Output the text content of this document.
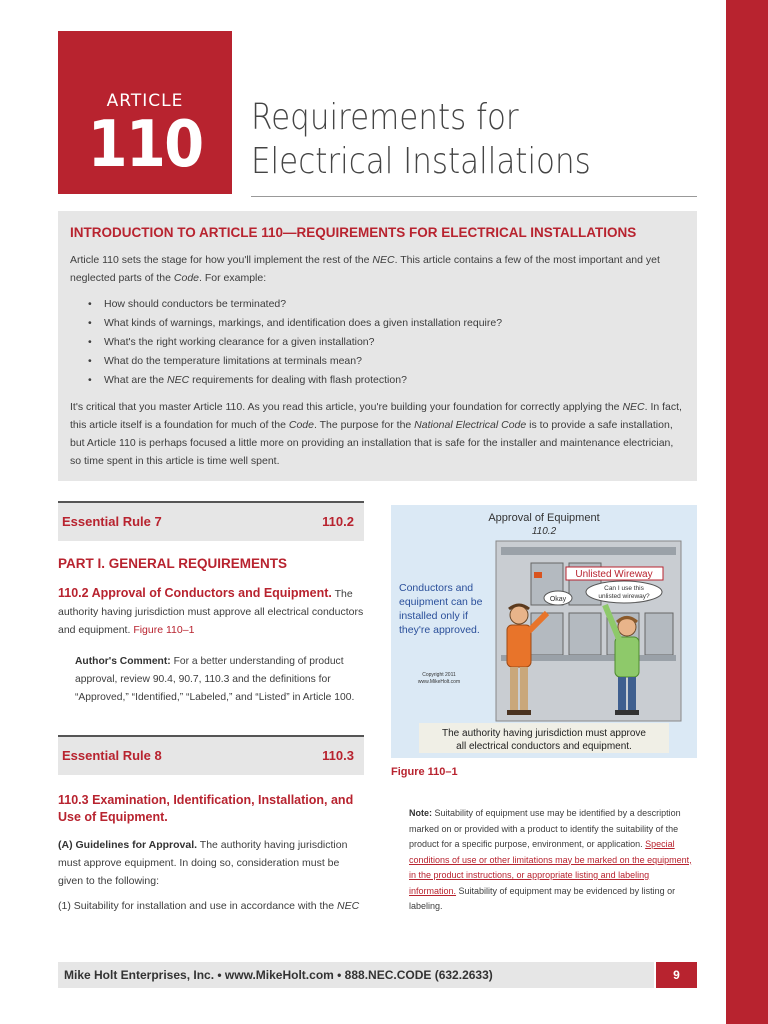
ARTICLE
110	Requirements for
Electrical Installations
INTRODUCTION TO ARTICLE 110—REQUIREMENTS FOR ELECTRICAL INSTALLATIONS

Article 110 sets the stage for how you'll implement the rest of the NEC. This article contains a few of the most important and yet neglected parts of the Code. For example:

• How should conductors be terminated?
• What kinds of warnings, markings, and identification does a given installation require?
• What's the right working clearance for a given installation?
• What do the temperature limitations at terminals mean?
• What are the NEC requirements for dealing with flash protection?

It's critical that you master Article 110. As you read this article, you're building your foundation for correctly applying the NEC. In fact, this article itself is a foundation for much of the Code. The purpose for the National Electrical Code is to provide a safe installation, but Article 110 is perhaps focused a little more on providing an installation that is safe for the installer and maintenance electrician, so time spent in this article is time well spent.

Essential Rule 7	110.2
PART I. GENERAL REQUIREMENTS
110.2 Approval of Conductors and Equipment. The authority having jurisdiction must approve all electrical conductors and equipment. Figure 110–1
Author's Comment: For a better understanding of product approval, review 90.4, 90.7, 110.3 and the definitions for “Approved,” “Identified,” “Labeled,” and “Listed” in Article 100.
Essential Rule 8	110.3
110.3 Examination, Identification, Installation, and Use of Equipment.
(A) Guidelines for Approval. The authority having jurisdiction must approve equipment. In doing so, consideration must be given to the following:
(1) Suitability for installation and use in accordance with the NEC
Approval of Equipment
110.2
Unlisted Wireway
Can I use this
unlisted wireway?
Okay
Conductors and
equipment can be
installed only if
they're approved.
Copyright 2011
www.MikeHolt.com
The authority having jurisdiction must approve
all electrical conductors and equipment.
Figure 110–1
Note: Suitability of equipment use may be identified by a description marked on or provided with a product to identify the suitability of the product for a specific purpose, environment, or application. Special conditions of use or other limitations may be marked on the equipment, in the product instructions, or appropriate listing and labeling information. Suitability of equipment may be evidenced by listing or labeling.
Mike Holt Enterprises, Inc. • www.MikeHolt.com • 888.NEC.CODE (632.2633)	9
